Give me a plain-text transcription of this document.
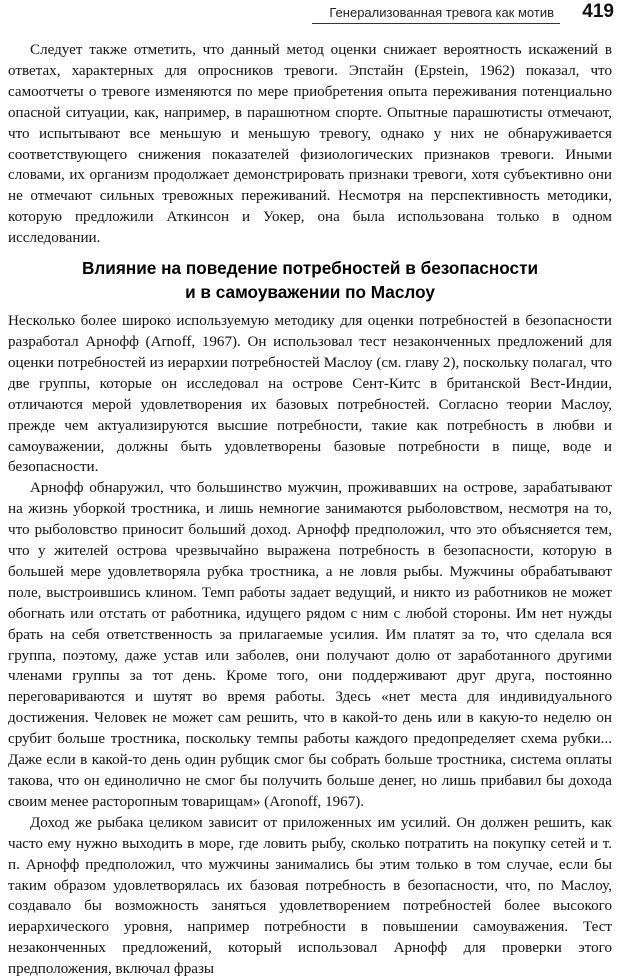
Генерализованная тревога как мотив 419

Следует также отметить, что данный метод оценки снижает вероятность искажений в ответах, характерных для опросников тревоги. Эпстайн (Epstein, 1962) показал, что самоотчеты о тревоге изменяются по мере приобретения опыта переживания потенциально опасной ситуации, как, например, в парашютном спорте. Опытные парашютисты отмечают, что испытывают все меньшую и меньшую тревогу, однако у них не обнаруживается соответствующего снижения показателей физиологических признаков тревоги. Иными словами, их организм продолжает демонстрировать признаки тревоги, хотя субъективно они не отмечают сильных тревожных переживаний. Несмотря на перспективность методики, которую предложили Аткинсон и Уокер, она была использована только в одном исследовании.

Влияние на поведение потребностей в безопасности
и в самоуважении по Маслоу

Несколько более широко используемую методику для оценки потребностей в безопасности разработал Арнофф (Arnoff, 1967). Он использовал тест незаконченных предложений для оценки потребностей из иерархии потребностей Маслоу (см. главу 2), поскольку полагал, что две группы, которые он исследовал на острове Сент-Китс в британской Вест-Индии, отличаются мерой удовлетворения их базовых потребностей. Согласно теории Маслоу, прежде чем актуализируются высшие потребности, такие как потребность в любви и самоуважении, должны быть удовлетворены базовые потребности в пище, воде и безопасности.

Арнофф обнаружил, что большинство мужчин, проживавших на острове, зарабатывают на жизнь уборкой тростника, и лишь немногие занимаются рыболовством, несмотря на то, что рыболовство приносит больший доход. Арнофф предположил, что это объясняется тем, что у жителей острова чрезвычайно выражена потребность в безопасности, которую в большей мере удовлетворяла рубка тростника, а не ловля рыбы. Мужчины обрабатывают поле, выстроившись клином. Темп работы задает ведущий, и никто из работников не может обогнать или отстать от работника, идущего рядом с ним с любой стороны. Им нет нужды брать на себя ответственность за прилагаемые усилия. Им платят за то, что сделала вся группа, поэтому, даже устав или заболев, они получают долю от заработанного другими членами группы за тот день. Кроме того, они поддерживают друг друга, постоянно переговариваются и шутят во время работы. Здесь «нет места для индивидуального достижения. Человек не может сам решить, что в какой-то день или в какую-то неделю он срубит больше тростника, поскольку темпы работы каждого предопределяет схема рубки... Даже если в какой-то день один рубщик смог бы собрать больше тростника, система оплаты такова, что он единолично не смог бы получить больше денег, но лишь прибавил бы дохода своим менее расторопным товарищам» (Aronoff, 1967).

Доход же рыбака целиком зависит от приложенных им усилий. Он должен решить, как часто ему нужно выходить в море, где ловить рыбу, сколько потратить на покупку сетей и т. п. Арнофф предположил, что мужчины занимались бы этим только в том случае, если бы таким образом удовлетворялась их базовая потребность в безопасности, что, по Маслоу, создавало бы возможность заняться удовлетворением потребностей более высокого иерархического уровня, например потребности в повышении самоуважения. Тест незаконченных предложений, который использовал Арнофф для проверки этого предположения, включал фразы
